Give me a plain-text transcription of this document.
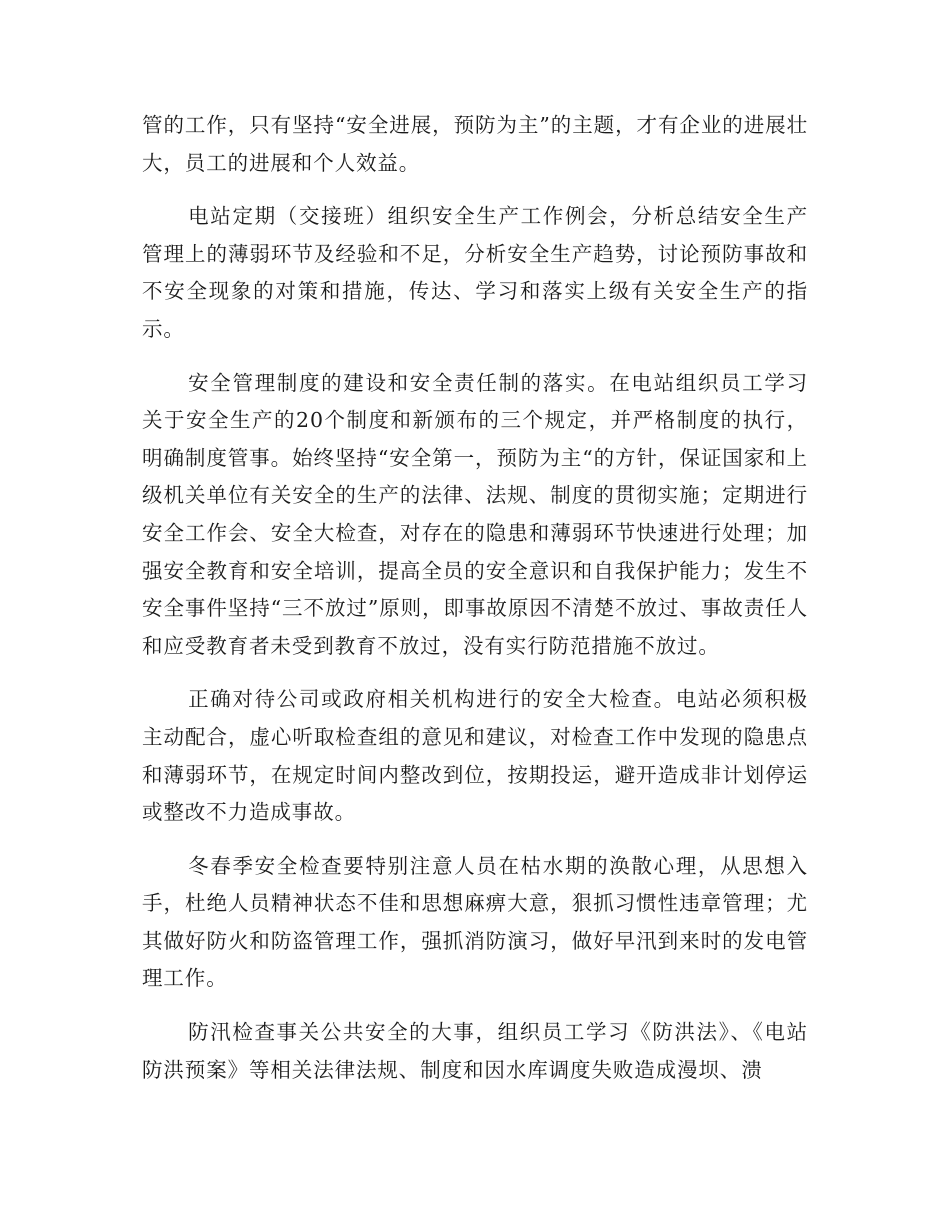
管的工作，只有坚持“安全进展，预防为主”的主题，才有企业的进展壮大，员工的进展和个人效益。

电站定期（交接班）组织安全生产工作例会，分析总结安全生产管理上的薄弱环节及经验和不足，分析安全生产趋势，讨论预防事故和不安全现象的对策和措施，传达、学习和落实上级有关安全生产的指示。

安全管理制度的建设和安全责任制的落实。在电站组织员工学习关于安全生产的20个制度和新颁布的三个规定，并严格制度的执行，明确制度管事。始终坚持“安全第一，预防为主“的方针，保证国家和上级机关单位有关安全的生产的法律、法规、制度的贯彻实施；定期进行安全工作会、安全大检查，对存在的隐患和薄弱环节快速进行处理；加强安全教育和安全培训，提高全员的安全意识和自我保护能力；发生不安全事件坚持“三不放过”原则，即事故原因不清楚不放过、事故责任人和应受教育者未受到教育不放过，没有实行防范措施不放过。

正确对待公司或政府相关机构进行的安全大检查。电站必须积极主动配合，虚心听取检查组的意见和建议，对检查工作中发现的隐患点和薄弱环节，在规定时间内整改到位，按期投运，避开造成非计划停运或整改不力造成事故。

冬春季安全检查要特别注意人员在枯水期的涣散心理，从思想入手，杜绝人员精神状态不佳和思想麻痹大意，狠抓习惯性违章管理；尤其做好防火和防盗管理工作，强抓消防演习，做好早汛到来时的发电管理工作。

防汛检查事关公共安全的大事，组织员工学习《防洪法》、《电站防洪预案》等相关法律法规、制度和因水库调度失败造成漫坝、溃
